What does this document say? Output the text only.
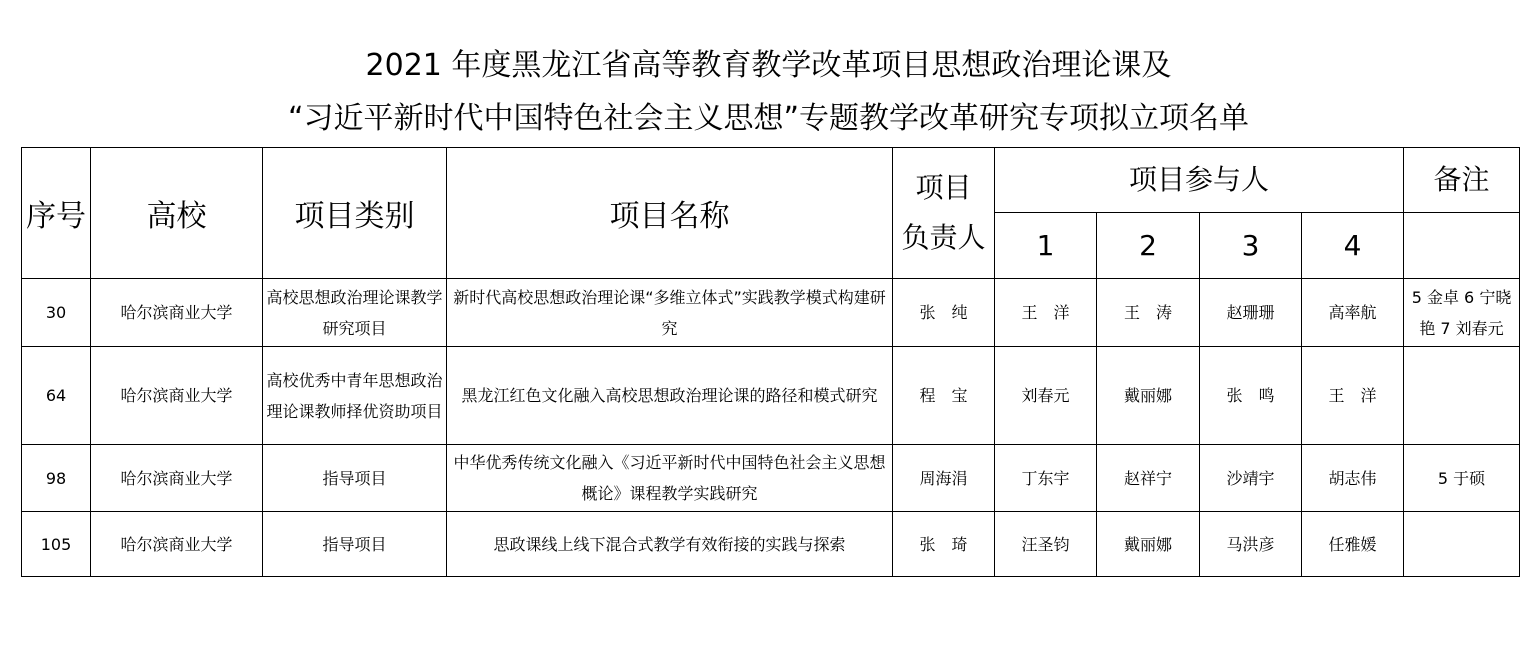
2021 年度黑龙江省高等教育教学改革项目思想政治理论课及
“习近平新时代中国特色社会主义思想”专题教学改革研究专项拟立项名单
序号	高校	项目类别	项目名称	项目
负责人	项目参与人				备注
					1	2	3	4	
30	哈尔滨商业大学	高校思想政治理论课教学研究项目	新时代高校思想政治理论课“多维立体式”实践教学模式构建研究	张　纯	王　洋	王　涛	赵珊珊	高率航	5 金卓 6 宁晓艳 7 刘春元
64	哈尔滨商业大学	高校优秀中青年思想政治理论课教师择优资助项目	黑龙江红色文化融入高校思想政治理论课的路径和模式研究	程　宝	刘春元	戴丽娜	张　鸣	王　洋	
98	哈尔滨商业大学	指导项目	中华优秀传统文化融入《习近平新时代中国特色社会主义思想概论》课程教学实践研究	周海涓	丁东宇	赵祥宁	沙靖宇	胡志伟	5 于硕
105	哈尔滨商业大学	指导项目	思政课线上线下混合式教学有效衔接的实践与探索	张　琦	汪圣钧	戴丽娜	马洪彦	任雅媛	
